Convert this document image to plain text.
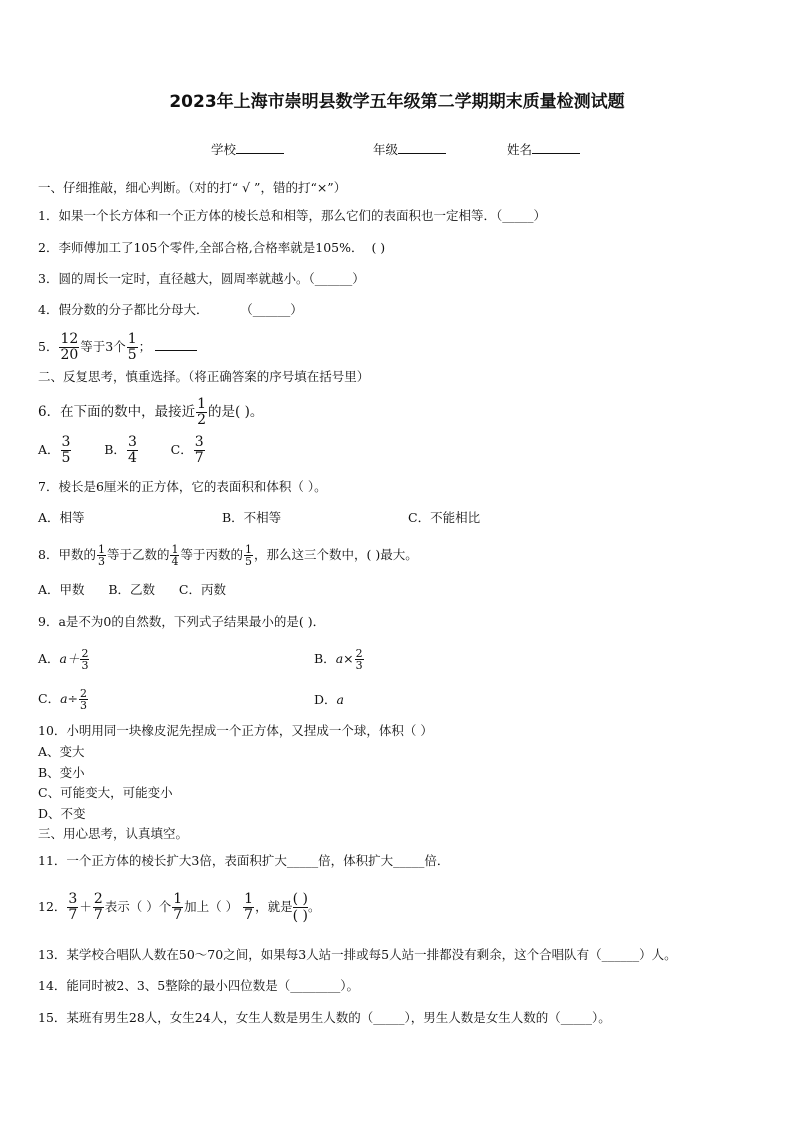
2023年上海市崇明县数学五年级第二学期期末质量检测试题
学校	年级	姓名
一、仔细推敲，细心判断。（对的打“ √ ”，错的打“×”）
1．如果一个长方体和一个正方体的棱长总和相等，那么它们的表面积也一定相等．（_____）
2．李师傅加工了105个零件,全部合格,合格率就是105%． ( )
3．圆的周长一定时，直径越大，圆周率就越小。（______）
4．假分数的分子都比分母大．	（______）
5． $\frac{12}{20}$ 等于3个 $\frac{1}{5}$ ；
二、反复思考，慎重选择。（将正确答案的序号填在括号里）
6．在下面的数中，最接近 $\frac{1}{2}$ 的是( )。
A． $\frac{3}{5}$	B． $\frac{3}{4}$	C． $\frac{3}{7}$
7．棱长是6厘米的正方体，它的表面积和体积（ ）。
A．相等	B．不相等	C．不能相比
8．甲数的 $\frac{1}{3}$ 等于乙数的 $\frac{1}{4}$ 等于丙数的 $\frac{1}{5}$ ，那么这三个数中，( )最大。
A．甲数      B．乙数      C．丙数
9．a是不为0的自然数，下列式子结果最小的是( )．
A．$a+ \frac{2}{3}$	B．$a\times \frac{2}{3}$
C．$a\div \frac{2}{3}$	D．a
10．小明用同一块橡皮泥先捏成一个正方体，又捏成一个球，体积（ ）
A、变大
B、变小
C、可能变大，可能变小
D、不变
三、用心思考，认真填空。
11．一个正方体的棱长扩大3倍，表面积扩大_____倍，体积扩大_____倍．
12． $\frac{3}{7} + \frac{2}{7}$ 表示（ ）个 $\frac{1}{7}$ 加上（ ） $\frac{1}{7}$ ，就是 ( )
( )
。
13．某学校合唱队人数在50～70之间，如果每3人站一排或每5人站一排都没有剩余，这个合唱队有（______）人。
14．能同时被2、3、5整除的最小四位数是（________）。
15．某班有男生28人，女生24人，女生人数是男生人数的（_____），男生人数是女生人数的（_____）。
